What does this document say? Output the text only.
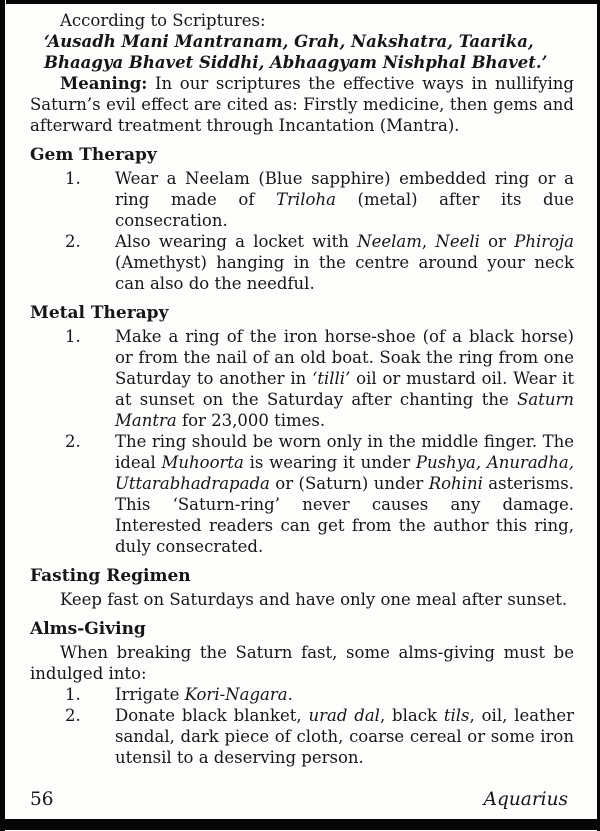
According to Scriptures:

‘Ausadh Mani Mantranam, Grah, Nakshatra, Taarika, Bhaagya Bhavet Siddhi, Abhaagyam Nishphal Bhavet.’

Meaning: In our scriptures the effective ways in nullifying Saturn’s evil effect are cited as: Firstly medicine, then gems and afterward treatment through Incantation (Mantra).

Gem Therapy
1.	Wear a Neelam (Blue sapphire) embedded ring or a ring made of Triloha (metal) after its due consecration.
2.	Also wearing a locket with Neelam, Neeli or Phiroja (Amethyst) hanging in the centre around your neck can also do the needful.
Metal Therapy
1.	Make a ring of the iron horse-shoe (of a black horse) or from the nail of an old boat. Soak the ring from one Saturday to another in ‘tilli’ oil or mustard oil. Wear it at sunset on the Saturday after chanting the Saturn Mantra for 23,000 times.
2.	The ring should be worn only in the middle finger. The ideal Muhoorta is wearing it under Pushya, Anuradha, Uttarabhadrapada or (Saturn) under Rohini asterisms. This ‘Saturn-ring’ never causes any damage. Interested readers can get from the author this ring, duly consecrated.
Fasting Regimen

Keep fast on Saturdays and have only one meal after sunset.

Alms-Giving

When breaking the Saturn fast, some alms-giving must be indulged into:

1.	Irrigate Kori-Nagara.
2.	Donate black blanket, urad dal, black tils, oil, leather sandal, dark piece of cloth, coarse cereal or some iron utensil to a deserving person.
56	Aquarius
